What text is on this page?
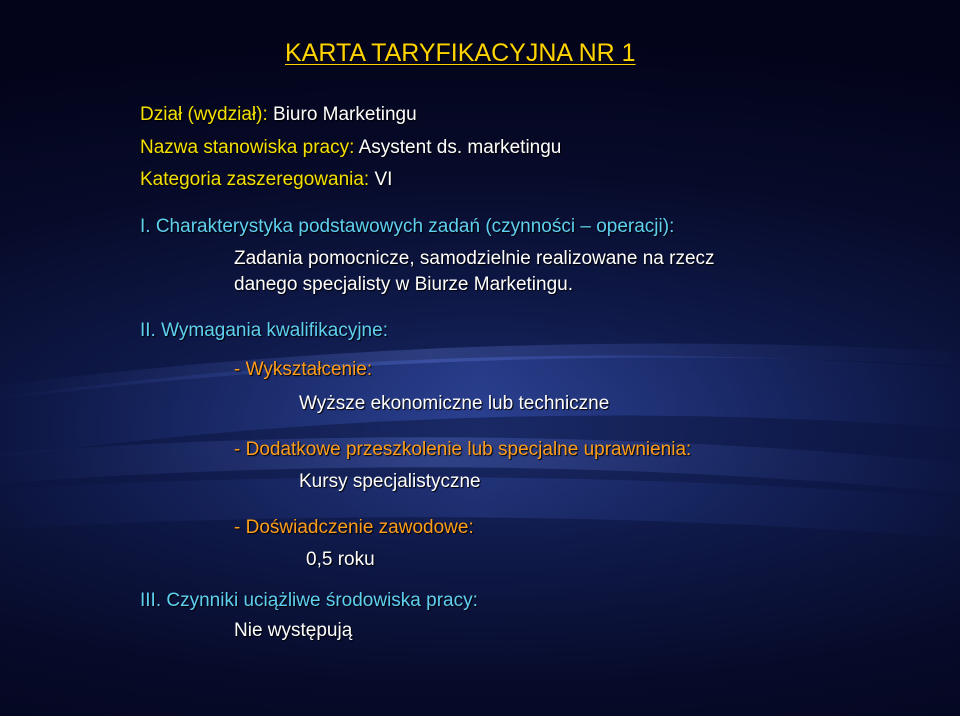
KARTA TARYFIKACYJNA NR 1
Dział (wydział): Biuro Marketingu
Nazwa stanowiska pracy: Asystent ds. marketingu
Kategoria zaszeregowania: VI
I. Charakterystyka podstawowych zadań (czynności – operacji):
Zadania pomocnicze, samodzielnie realizowane na rzecz
danego specjalisty w Biurze Marketingu.
II. Wymagania kwalifikacyjne:
- Wykształcenie:
Wyższe ekonomiczne lub techniczne
- Dodatkowe przeszkolenie lub specjalne uprawnienia:
Kursy specjalistyczne
- Doświadczenie zawodowe:
0,5 roku
III. Czynniki uciążliwe środowiska pracy:
Nie występują
